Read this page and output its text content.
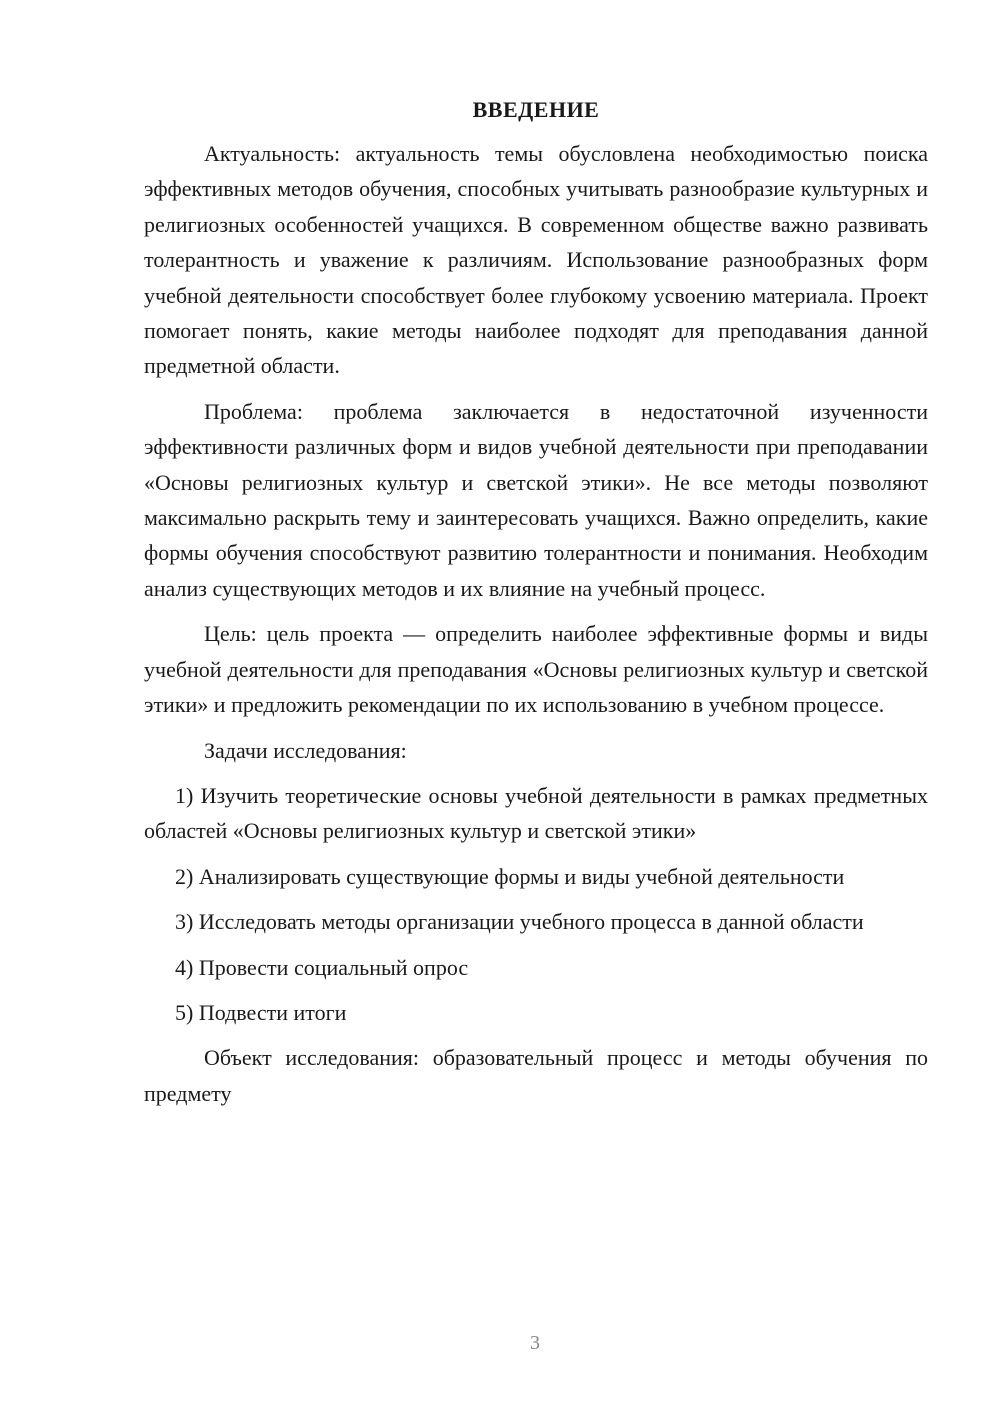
ВВЕДЕНИЕ

Актуальность: актуальность темы обусловлена необходимостью поиска эффективных методов обучения, способных учитывать разнообразие культурных и религиозных особенностей учащихся. В современном обществе важно развивать толерантность и уважение к различиям. Использование разнообразных форм учебной деятельности способствует более глубокому усвоению материала. Проект помогает понять, какие методы наиболее подходят для преподавания данной предметной области.

Проблема: проблема заключается в недостаточной изученности эффективности различных форм и видов учебной деятельности при преподавании «Основы религиозных культур и светской этики». Не все методы позволяют максимально раскрыть тему и заинтересовать учащихся. Важно определить, какие формы обучения способствуют развитию толерантности и понимания. Необходим анализ существующих методов и их влияние на учебный процесс.

Цель: цель проекта — определить наиболее эффективные формы и виды учебной деятельности для преподавания «Основы религиозных культур и светской этики» и предложить рекомендации по их использованию в учебном процессе.

Задачи исследования:

1) Изучить теоретические основы учебной деятельности в рамках предметных областей «Основы религиозных культур и светской этики»

2) Анализировать существующие формы и виды учебной деятельности

3) Исследовать методы организации учебного процесса в данной области

4) Провести социальный опрос

5) Подвести итоги

Объект исследования: образовательный процесс и методы обучения по предмету

3
